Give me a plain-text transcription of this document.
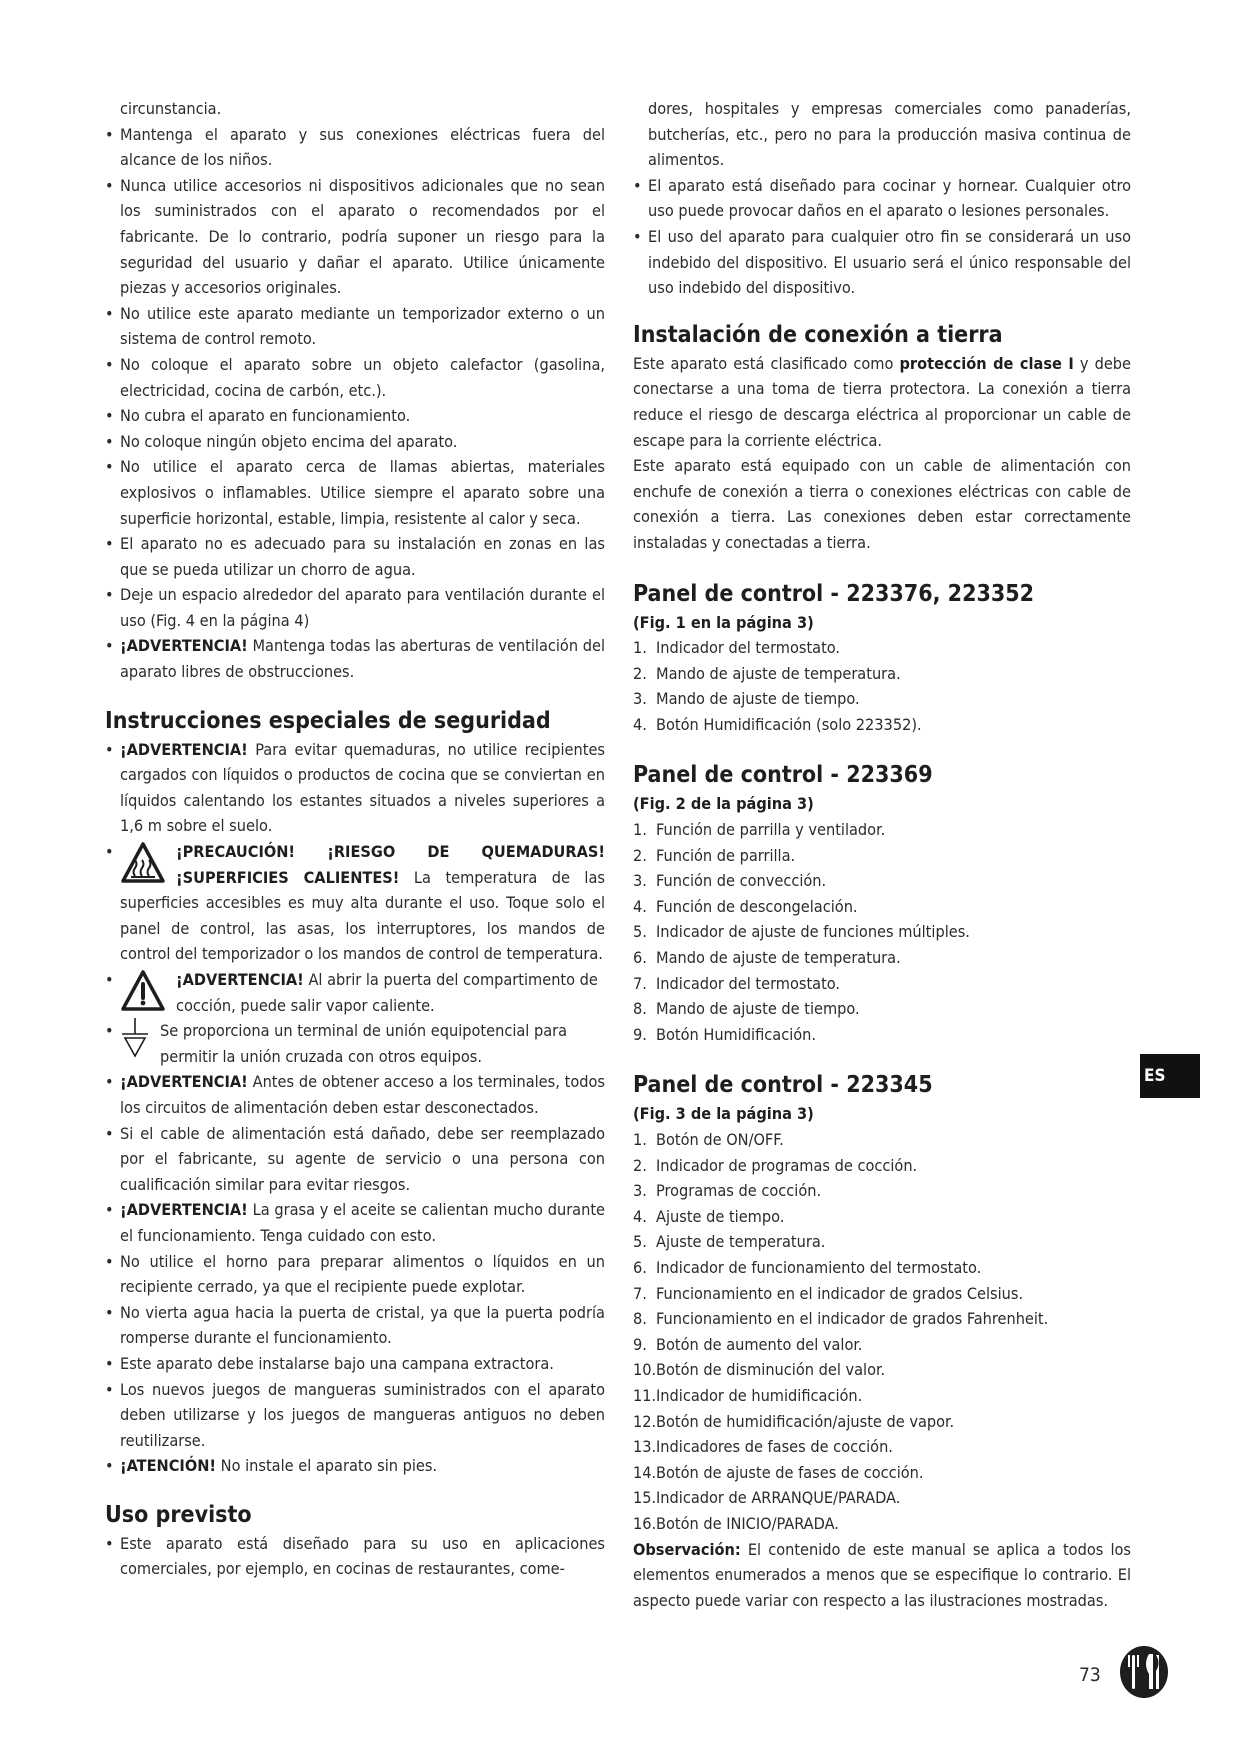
circunstancia.
• Mantenga el aparato y sus conexiones eléctricas fuera del alcance de los niños.
• Nunca utilice accesorios ni dispositivos adicionales que no sean los suministrados con el aparato o recomendados por el fabricante. De lo contrario, podría suponer un riesgo para la seguridad del usuario y dañar el aparato. Utilice únicamente piezas y accesorios originales.
• No utilice este aparato mediante un temporizador externo o un sistema de control remoto.
• No coloque el aparato sobre un objeto calefactor (gasolina, electricidad, cocina de carbón, etc.).
• No cubra el aparato en funcionamiento.
• No coloque ningún objeto encima del aparato.
• No utilice el aparato cerca de llamas abiertas, materiales explosivos o inflamables. Utilice siempre el aparato sobre una superficie horizontal, estable, limpia, resistente al calor y seca.
• El aparato no es adecuado para su instalación en zonas en las que se pueda utilizar un chorro de agua.
• Deje un espacio alrededor del aparato para ventilación durante el uso (Fig. 4 en la página 4)
• ¡ADVERTENCIA! Mantenga todas las aberturas de ventilación del aparato libres de obstrucciones.
Instrucciones especiales de seguridad
• ¡ADVERTENCIA! Para evitar quemaduras, no utilice recipientes cargados con líquidos o productos de cocina que se conviertan en líquidos calentando los estantes situados a niveles superiores a 1,6 m sobre el suelo.
• ¡PRECAUCIÓN! ¡RIESGO DE QUEMADURAS! ¡SUPERFICIES CALIENTES! La temperatura de las superficies accesibles es muy alta durante el uso. Toque solo el panel de control, las asas, los interruptores, los mandos de control del temporizador o los mandos de control de temperatura.
• ¡ADVERTENCIA! Al abrir la puerta del compartimento de cocción, puede salir vapor caliente.
• Se proporciona un terminal de unión equipotencial para permitir la unión cruzada con otros equipos.
• ¡ADVERTENCIA! Antes de obtener acceso a los terminales, todos los circuitos de alimentación deben estar desconectados.
• Si el cable de alimentación está dañado, debe ser reemplazado por el fabricante, su agente de servicio o una persona con cualificación similar para evitar riesgos.
• ¡ADVERTENCIA! La grasa y el aceite se calientan mucho durante el funcionamiento. Tenga cuidado con esto.
• No utilice el horno para preparar alimentos o líquidos en un recipiente cerrado, ya que el recipiente puede explotar.
• No vierta agua hacia la puerta de cristal, ya que la puerta podría romperse durante el funcionamiento.
• Este aparato debe instalarse bajo una campana extractora.
• Los nuevos juegos de mangueras suministrados con el aparato deben utilizarse y los juegos de mangueras antiguos no deben reutilizarse.
• ¡ATENCIÓN! No instale el aparato sin pies.
Uso previsto
• Este aparato está diseñado para su uso en aplicaciones comerciales, por ejemplo, en cocinas de restaurantes, come-
dores, hospitales y empresas comerciales como panaderías, butcherías, etc., pero no para la producción masiva continua de alimentos.
• El aparato está diseñado para cocinar y hornear. Cualquier otro uso puede provocar daños en el aparato o lesiones personales.
• El uso del aparato para cualquier otro fin se considerará un uso indebido del dispositivo. El usuario será el único responsable del uso indebido del dispositivo.
Instalación de conexión a tierra
Este aparato está clasificado como protección de clase I y debe conectarse a una toma de tierra protectora. La conexión a tierra reduce el riesgo de descarga eléctrica al proporcionar un cable de escape para la corriente eléctrica.
Este aparato está equipado con un cable de alimentación con enchufe de conexión a tierra o conexiones eléctricas con cable de conexión a tierra. Las conexiones deben estar correctamente instaladas y conectadas a tierra.
Panel de control - 223376, 223352
(Fig. 1 en la página 3)
1. Indicador del termostato.
2. Mando de ajuste de temperatura.
3. Mando de ajuste de tiempo.
4. Botón Humidificación (solo 223352).
Panel de control - 223369
(Fig. 2 de la página 3)
1. Función de parrilla y ventilador.
2. Función de parrilla.
3. Función de convección.
4. Función de descongelación.
5. Indicador de ajuste de funciones múltiples.
6. Mando de ajuste de temperatura.
7. Indicador del termostato.
8. Mando de ajuste de tiempo.
9. Botón Humidificación.
Panel de control - 223345
(Fig. 3 de la página 3)
1. Botón de ON/OFF.
2. Indicador de programas de cocción.
3. Programas de cocción.
4. Ajuste de tiempo.
5. Ajuste de temperatura.
6. Indicador de funcionamiento del termostato.
7. Funcionamiento en el indicador de grados Celsius.
8. Funcionamiento en el indicador de grados Fahrenheit.
9. Botón de aumento del valor.
10. Botón de disminución del valor.
11. Indicador de humidificación.
12. Botón de humidificación/ajuste de vapor.
13. Indicadores de fases de cocción.
14. Botón de ajuste de fases de cocción.
15. Indicador de ARRANQUE/PARADA.
16. Botón de INICIO/PARADA.
Observación: El contenido de este manual se aplica a todos los elementos enumerados a menos que se especifique lo contrario. El aspecto puede variar con respecto a las ilustraciones mostradas.
ES
73
